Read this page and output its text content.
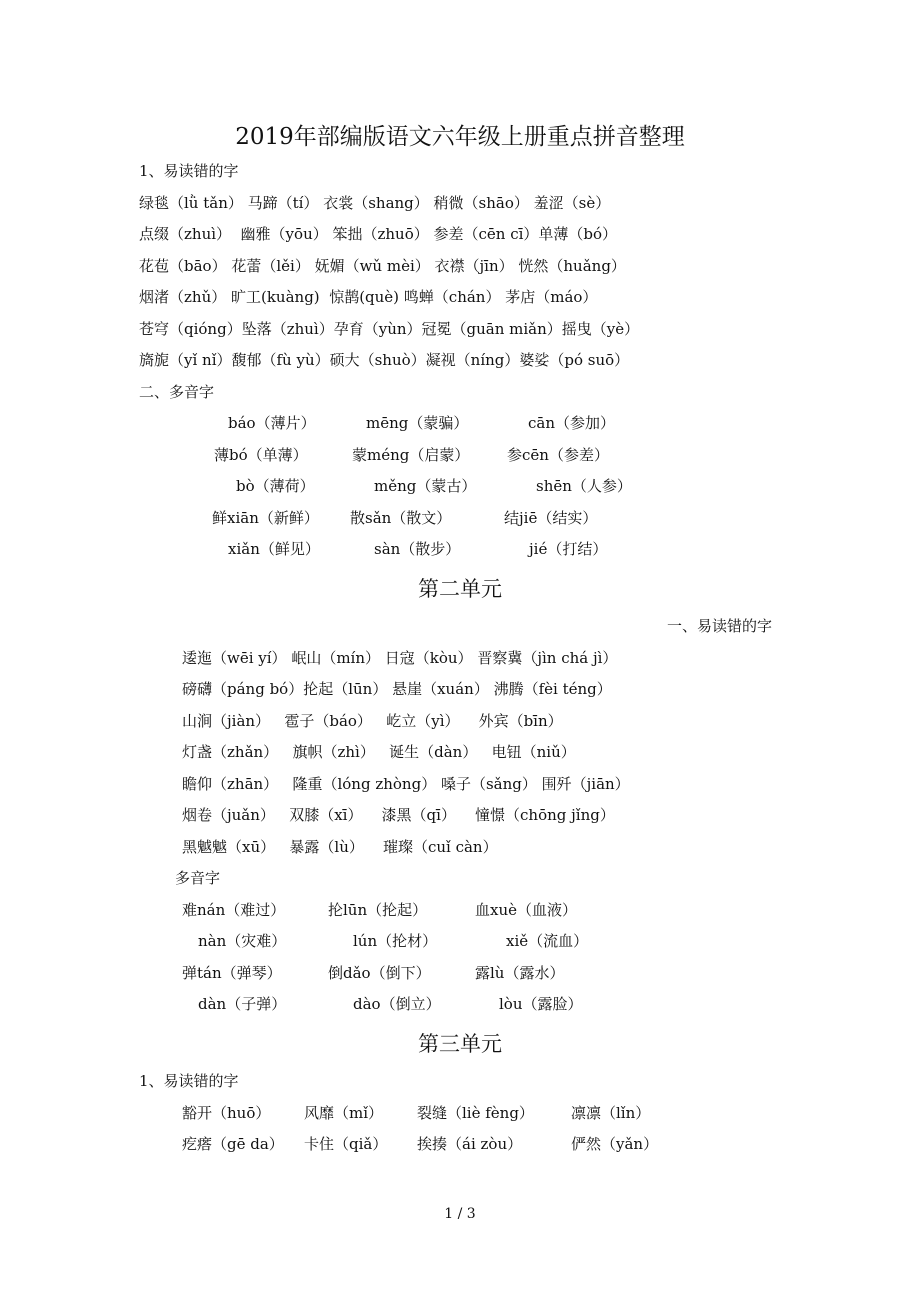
2019年部编版语文六年级上册重点拼音整理
1、易读错的字
绿毯（lǜ tǎn） 马蹄（tí） 衣裳（shang） 稍微（shāo） 羞涩（sè）
点缀（zhuì）  幽雅（yōu） 笨拙（zhuō） 参差（cēn cī）单薄（bó）
花苞（bāo） 花蕾（lěi） 妩媚（wǔ mèi） 衣襟（jīn） 恍然（huǎng）
烟渚（zhǔ） 旷工(kuàng)  惊鹊(què) 鸣蝉（chán） 茅店（máo）
苍穹（qióng）坠落（zhuì）孕育（yùn）冠冕（guān miǎn）摇曳（yè）
旖旎（yǐ nǐ）馥郁（fù yù）硕大（shuò）凝视（níng）婆娑（pó suō）
二、多音字
báo（薄片）	mēng（蒙骗）	cān（参加）
薄bó（单薄）	蒙méng（启蒙）	参cēn（参差）
bò（薄荷）	měng（蒙古）	shēn（人参）
鲜xiān（新鲜） 散sǎn（散文）	结jiē（结实）
xiǎn（鲜见）	sàn（散步）	jié（打结）
第二单元
一、易读错的字
逶迤（wēi yí） 岷山（mín） 日寇（kòu） 晋察冀（jìn chá jì）
磅礴（páng bó）抡起（lūn） 悬崖（xuán） 沸腾（fèi téng）
山涧（jiàn）   雹子（báo）   屹立（yì）    外宾（bīn）
灯盏（zhǎn）   旗帜（zhì）   诞生（dàn）   电钮（niǔ）
瞻仰（zhān）   隆重（lóng zhòng） 嗓子（sǎng） 围歼（jiān）
烟卷（juǎn）   双膝（xī）    漆黑（qī）    憧憬（chōng jǐng）
黑魆魆（xū）   暴露（lù）    璀璨（cuǐ càn）
多音字
难nán（难过）	抡lūn（抡起）	血xuè（血液）
nàn（灾难）	lún（抡材）	xiě（流血）
弹tán（弹琴）	倒dǎo（倒下）	露lù（露水）
dàn（子弹）	dào（倒立）	lòu（露脸）
第三单元
1、易读错的字
豁开（huō） 风靡（mǐ） 裂缝（liè fèng） 凛凛（lǐn）
疙瘩（gē da） 卡住（qiǎ） 挨揍（ái zòu）	俨然（yǎn）
1 / 3
